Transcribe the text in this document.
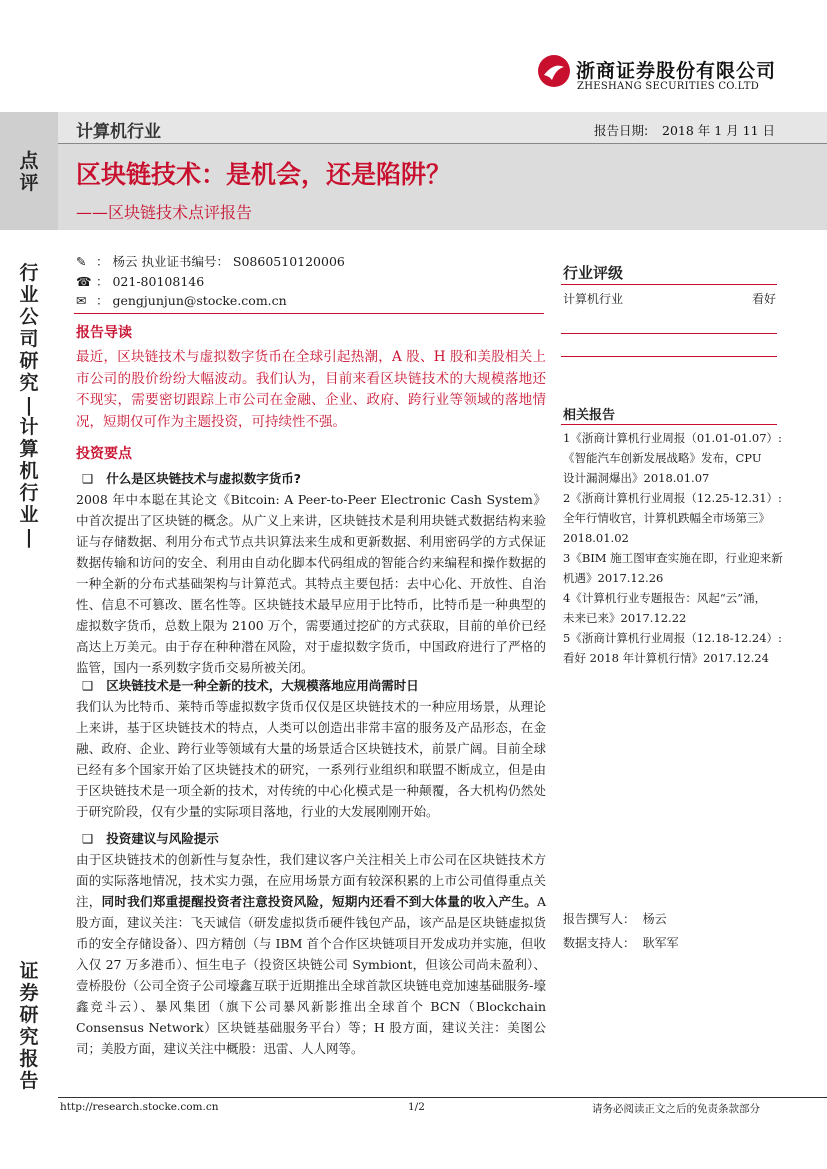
浙商证券股份有限公司
ZHESHANG SECURITIES CO.LTD
计算机行业	报告日期: 2018 年 1 月 11 日
点
评
行
业
公
司
研
究
|
计
算
机
行
业
|
证
券
研
究
报
告
区块链技术：是机会，还是陷阱？
——区块链技术点评报告
✎ ： 杨云 执业证书编号： S0860510120006
☎ ： 021-80108146
✉ ： gengjunjun@stocke.com.cn
报告导读
最近，区块链技术与虚拟数字货币在全球引起热潮，A 股、H 股和美股相关上市公司的股价纷纷大幅波动。我们认为，目前来看区块链技术的大规模落地还不现实，需要密切跟踪上市公司在金融、企业、政府、跨行业等领域的落地情况，短期仅可作为主题投资，可持续性不强。
投资要点
❑ 什么是区块链技术与虚拟数字货币?
2008 年中本聪在其论文《Bitcoin: A Peer-to-Peer Electronic Cash System》中首次提出了区块链的概念。从广义上来讲，区块链技术是利用块链式数据结构来验证与存储数据、利用分布式节点共识算法来生成和更新数据、利用密码学的方式保证数据传输和访问的安全、利用由自动化脚本代码组成的智能合约来编程和操作数据的一种全新的分布式基础架构与计算范式。其特点主要包括：去中心化、开放性、自治性、信息不可篡改、匿名性等。区块链技术最早应用于比特币，比特币是一种典型的虚拟数字货币，总数上限为 2100 万个，需要通过挖矿的方式获取，目前的单价已经高达上万美元。由于存在种种潜在风险，对于虚拟数字货币，中国政府进行了严格的监管，国内一系列数字货币交易所被关闭。
❑ 区块链技术是一种全新的技术，大规模落地应用尚需时日
我们认为比特币、莱特币等虚拟数字货币仅仅是区块链技术的一种应用场景，从理论上来讲，基于区块链技术的特点，人类可以创造出非常丰富的服务及产品形态，在金融、政府、企业、跨行业等领域有大量的场景适合区块链技术，前景广阔。目前全球已经有多个国家开始了区块链技术的研究，一系列行业组织和联盟不断成立，但是由于区块链技术是一项全新的技术，对传统的中心化模式是一种颠覆，各大机构仍然处于研究阶段，仅有少量的实际项目落地，行业的大发展刚刚开始。
❑ 投资建议与风险提示
由于区块链技术的创新性与复杂性，我们建议客户关注相关上市公司在区块链技术方面的实际落地情况，技术实力强，在应用场景方面有较深积累的上市公司值得重点关注，同时我们郑重提醒投资者注意投资风险，短期内还看不到大体量的收入产生。A 股方面，建议关注：飞天诚信（研发虚拟货币硬件钱包产品，该产品是区块链虚拟货币的安全存储设备）、四方精创（与 IBM 首个合作区块链项目开发成功并实施，但收入仅 27 万多港币）、恒生电子（投资区块链公司 Symbiont，但该公司尚未盈利）、壹桥股份（公司全资子公司壕鑫互联于近期推出全球首款区块链电竞加速基础服务-壕鑫竞斗云）、暴风集团（旗下公司暴风新影推出全球首个 BCN（Blockchain Consensus Network）区块链基础服务平台）等；H 股方面，建议关注：美图公司；美股方面，建议关注中概股：迅雷、人人网等。
行业评级
计算机行业	看好
相关报告
1《浙商计算机行业周报（01.01-01.07）:
《智能汽车创新发展战略》发布，CPU
设计漏洞爆出》2018.01.07
2《浙商计算机行业周报（12.25-12.31）:
全年行情收官，计算机跌幅全市场第三》
2018.01.02
3《BIM 施工图审查实施在即，行业迎来新
机遇》2017.12.26
4《计算机行业专题报告：风起“云”涌，
未来已来》2017.12.22
5《浙商计算机行业周报（12.18-12.24）:
看好 2018 年计算机行情》2017.12.24
报告撰写人： 杨云
数据支持人： 耿军军
http://research.stocke.com.cn	1/2	请务必阅读正文之后的免责条款部分
